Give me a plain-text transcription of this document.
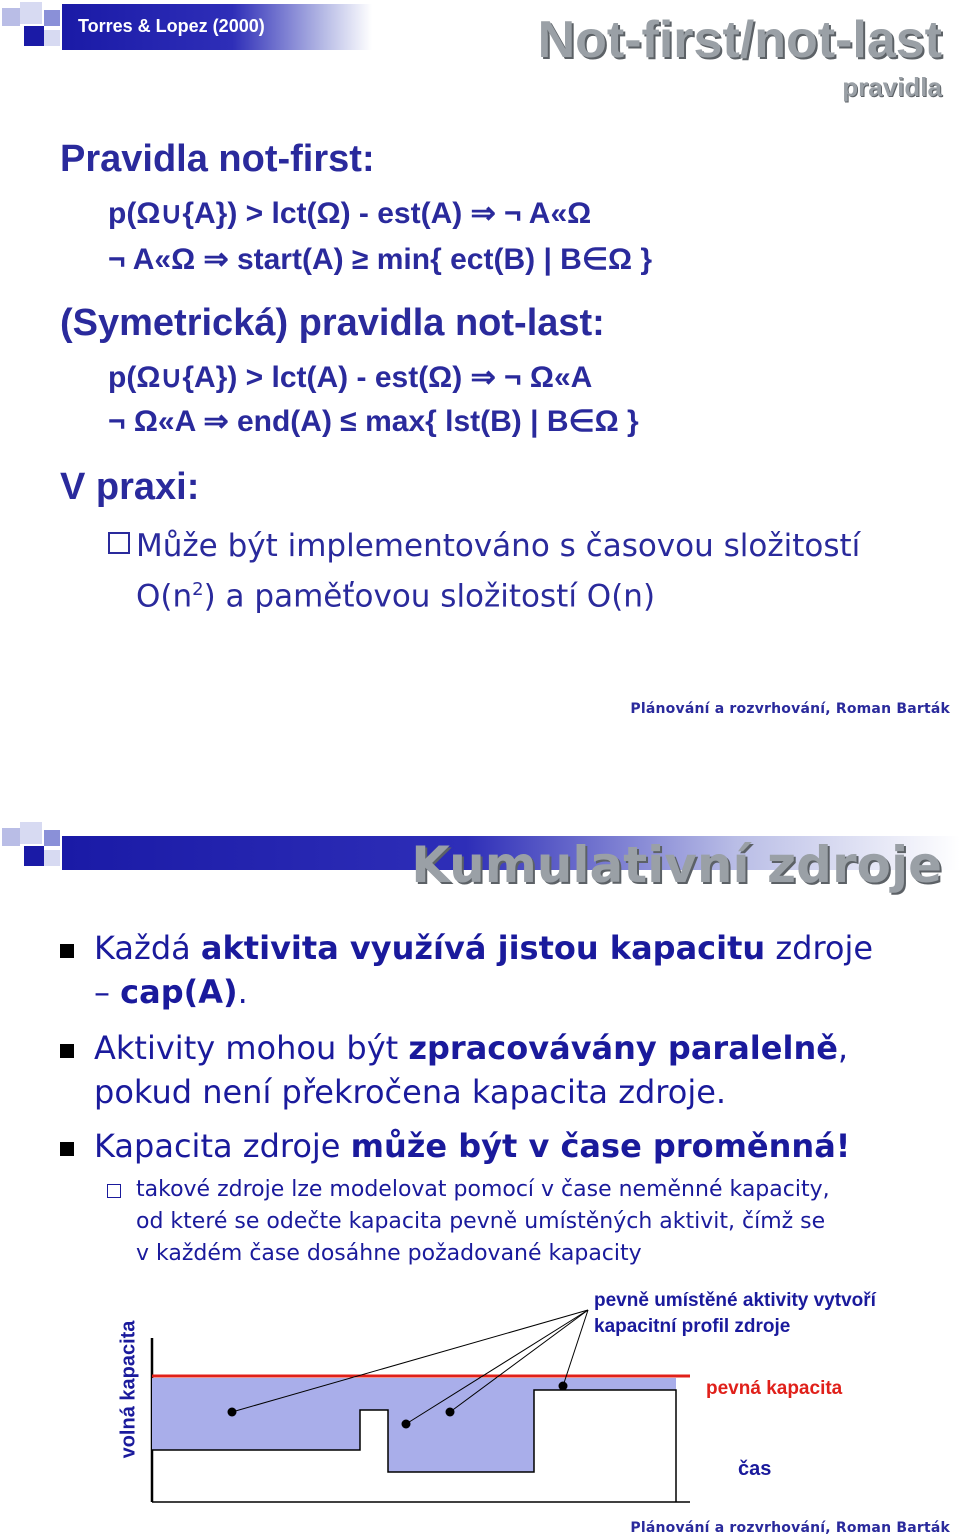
Torres & Lopez (2000)	Not-first/not-last
pravidla
Pravidla not-first:
p(Ω∪{A}) > lct(Ω) - est(A) ⇒ ¬ A«Ω
¬ A«Ω ⇒ start(A) ≥ min{ ect(B) | B∈Ω }
(Symetrická) pravidla not-last:
p(Ω∪{A}) > lct(A) - est(Ω) ⇒ ¬ Ω«A
¬ Ω«A ⇒ end(A) ≤ max{ lst(B) | B∈Ω }
V praxi:
Může být implementováno s časovou složitostí
$O(n^2)$ a paměťovou složitostí O(n)
Plánování a rozvrhování, Roman Barták
Kumulativní zdroje
Každá aktivita využívá jistou kapacitu zdroje
– cap(A).
Aktivity mohou být zpracovávány paralelně,
pokud není překročena kapacita zdroje.
Kapacita zdroje může být v čase proměnná!
takové zdroje lze modelovat pomocí v čase neměnné kapacity,
od které se odečte kapacita pevně umístěných aktivit, čímž se
v každém čase dosáhne požadované kapacity
pevně umístěné aktivity vytvoří
kapacitní profil zdroje
pevná kapacita
čas
volná kapacita
Plánování a rozvrhování, Roman Barták
